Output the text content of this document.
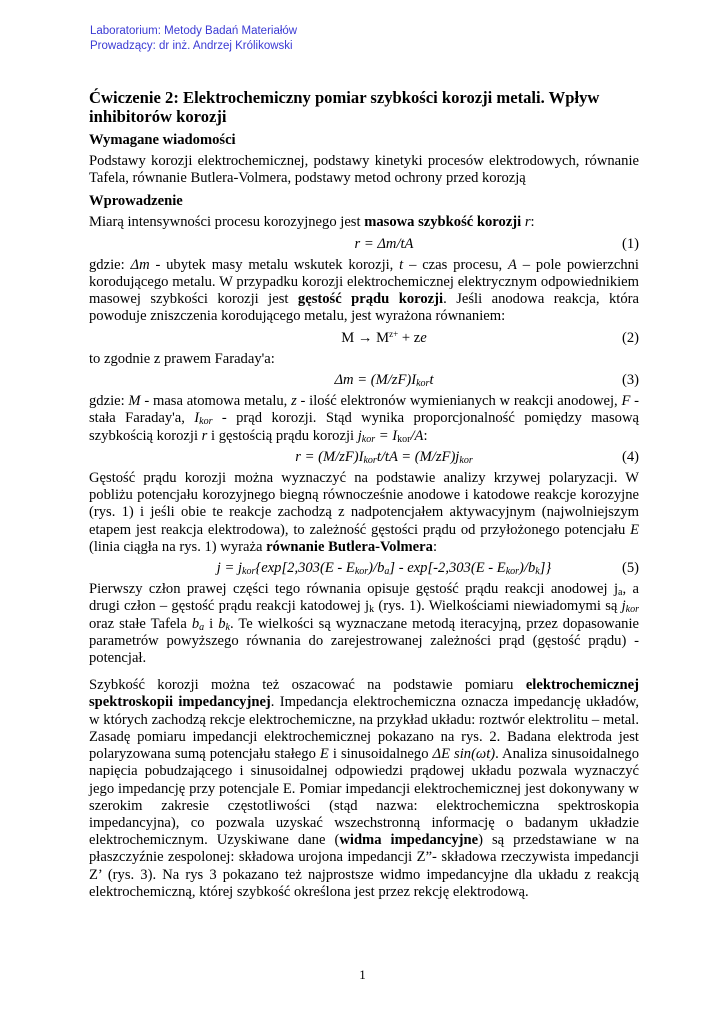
Laboratorium: Metody Badań Materiałów
Prowadzący: dr inż. Andrzej Królikowski
Ćwiczenie 2: Elektrochemiczny pomiar szybkości korozji metali. Wpływ inhibitorów korozji
Wymagane wiadomości

Podstawy korozji elektrochemicznej, podstawy kinetyki procesów elektrodowych, równanie Tafela, równanie Butlera-Volmera, podstawy metod ochrony przed korozją

Wprowadzenie

Miarą intensywności procesu korozyjnego jest masowa szybkość korozji r:

r = Δm/tA	(1)

gdzie: Δm - ubytek masy metalu wskutek korozji, t – czas procesu, A – pole powierzchni korodującego metalu. W przypadku korozji elektrochemicznej elektrycznym odpowiednikiem masowej szybkości korozji jest gęstość prądu korozji. Jeśli anodowa reakcja, która powoduje zniszczenia korodującego metalu, jest wyrażona równaniem:

$M \to M^{z+}$ + ze	(2)

to zgodnie z prawem Faraday'a:

$\Delta m = (M/zF)I_{kor}t$	(3)

gdzie: M - masa atomowa metalu, z - ilość elektronów wymienianych w reakcji anodowej, F - stała Faraday'a, $I_{kor}$ - prąd korozji. Stąd wynika proporcjonalność pomiędzy masową szybkością korozji r i gęstością prądu korozji $j_{kor} = I_{kor}/A$:

$r = (M/zF)I_{kor}t/tA = (M/zF)j_{kor}$	(4)

Gęstość prądu korozji można wyznaczyć na podstawie analizy krzywej polaryzacji. W pobliżu potencjału korozyjnego biegną równocześnie anodowe i katodowe reakcje korozyjne (rys. 1) i jeśli obie te reakcje zachodzą z nadpotencjałem aktywacyjnym (najwolniejszym etapem jest reakcja elektrodowa), to zależność gęstości prądu od przyłożonego potencjału E (linia ciągła na rys. 1) wyraża równanie Butlera-Volmera:

$j = j_{kor}\{\exp[2,303(E - E_{kor})/b_a] - \exp[-2,303(E - E_{kor})/b_k]\}$	(5)

Pierwszy człon prawej części tego równania opisuje gęstość prądu reakcji anodowej $j_a$, a drugi człon – gęstość prądu reakcji katodowej $j_k$ (rys. 1). Wielkościami niewiadomymi są $j_{kor}$ oraz stałe Tafela $b_a$ i $b_k$. Te wielkości są wyznaczane metodą iteracyjną, przez dopasowanie parametrów powyższego równania do zarejestrowanej zależności prąd (gęstość prądu) - potencjał.

Szybkość korozji można też oszacować na podstawie pomiaru elektrochemicznej spektroskopii impedancyjnej. Impedancja elektrochemiczna oznacza impedancję układów, w których zachodzą rekcje elektrochemiczne, na przykład układu: roztwór elektrolitu – metal. Zasadę pomiaru impedancji elektrochemicznej pokazano na rys. 2. Badana elektroda jest polaryzowana sumą potencjału stałego E i sinusoidalnego ΔE sin(ωt). Analiza sinusoidalnego napięcia pobudzającego i sinusoidalnej odpowiedzi prądowej układu pozwala wyznaczyć jego impedancję przy potencjale E. Pomiar impedancji elektrochemicznej jest dokonywany w szerokim zakresie częstotliwości (stąd nazwa: elektrochemiczna spektroskopia impedancyjna), co pozwala uzyskać wszechstronną informację o badanym układzie elektrochemicznym. Uzyskiwane dane (widma impedancyjne) są przedstawiane w na płaszczyźnie zespolonej: składowa urojona impedancji Z”- składowa rzeczywista impedancji Z’ (rys. 3). Na rys 3 pokazano też najprostsze widmo impedancyjne dla układu z reakcją elektrochemiczną, której szybkość określona jest przez rekcję elektrodową.

1
